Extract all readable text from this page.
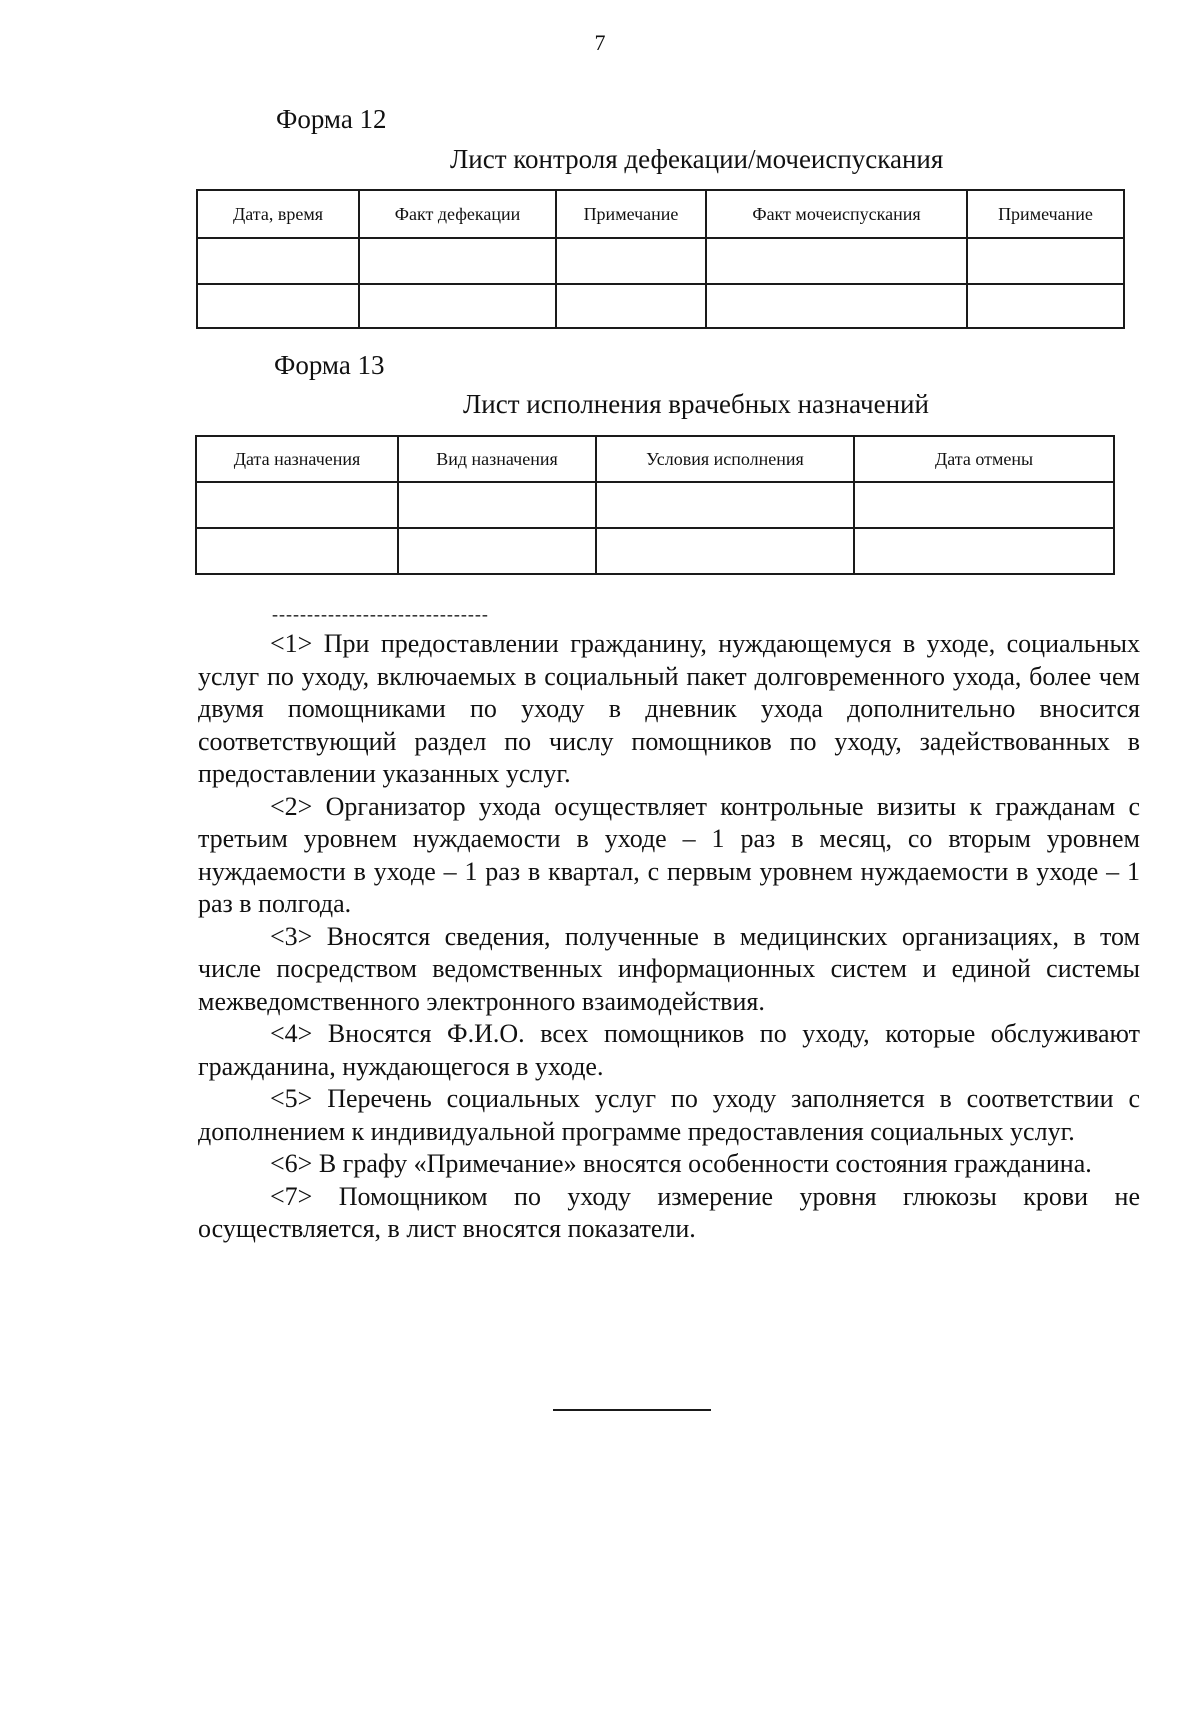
7
Форма 12
Лист контроля дефекации/мочеиспускания
Дата, время	Факт дефекации	Примечание	Факт мочеиспускания	Примечание

Форма 13
Лист исполнения врачебных назначений
Дата назначения	Вид назначения	Условия исполнения	Дата отмены

-------------------------------

<1> При предоставлении гражданину, нуждающемуся в уходе, социальных услуг по уходу, включаемых в социальный пакет долговременного ухода, более чем двумя помощниками по уходу в дневник ухода дополнительно вносится соответствующий раздел по числу помощников по уходу, задействованных в предоставлении указанных услуг.

<2> Организатор ухода осуществляет контрольные визиты к гражданам с третьим уровнем нуждаемости в уходе – 1 раз в месяц, со вторым уровнем нуждаемости в уходе – 1 раз в квартал, с первым уровнем нуждаемости в уходе – 1 раз в полгода.

<3> Вносятся сведения, полученные в медицинских организациях, в том числе посредством ведомственных информационных систем и единой системы межведомственного электронного взаимодействия.

<4> Вносятся Ф.И.О. всех помощников по уходу, которые обслуживают гражданина, нуждающегося в уходе.

<5> Перечень социальных услуг по уходу заполняется в соответствии с дополнением к индивидуальной программе предоставления социальных услуг.

<6> В графу «Примечание» вносятся особенности состояния гражданина.

<7> Помощником по уходу измерение уровня глюкозы крови не осуществляется, в лист вносятся показатели.
